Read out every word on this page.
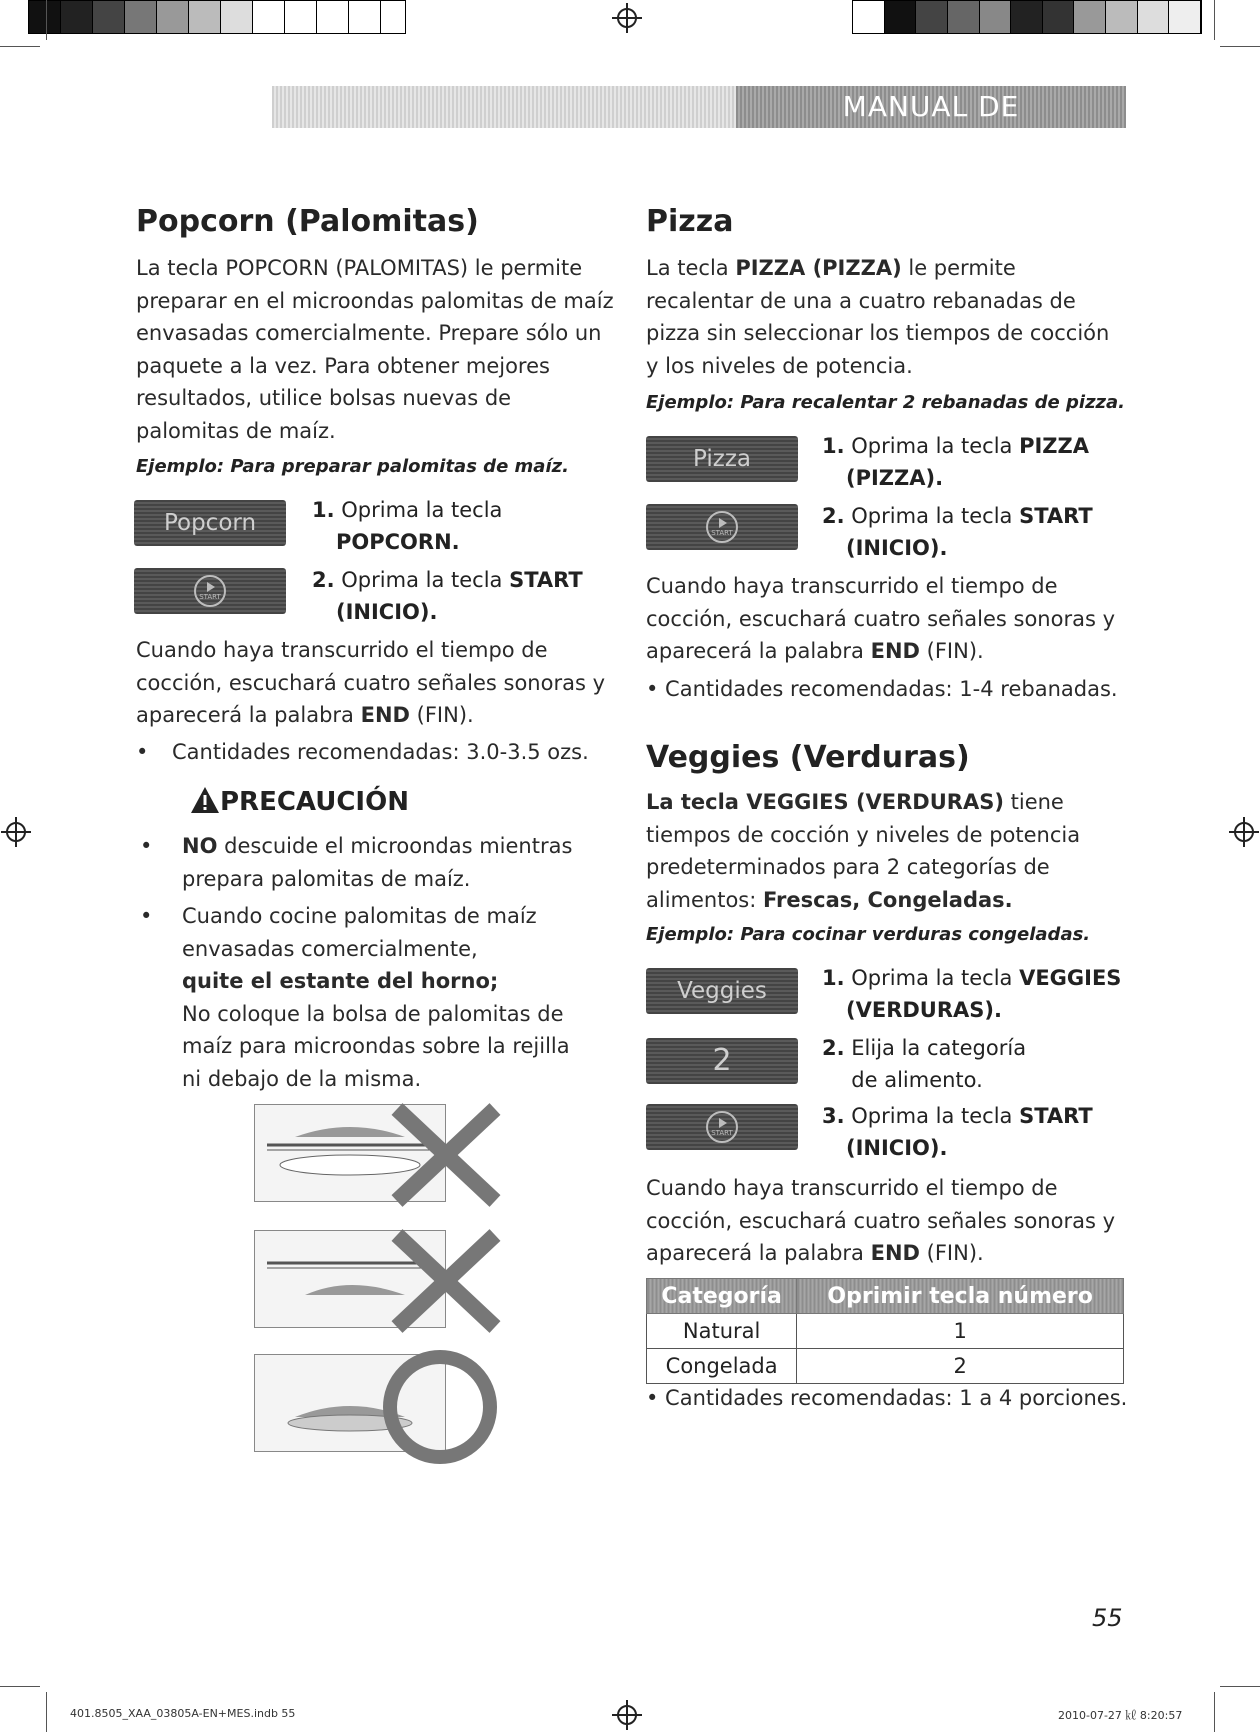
MANUAL DE INSTRUCCIONES
Popcorn (Palomitas)
La tecla POPCORN (PALOMITAS) le permite preparar en el microondas palomitas de maíz envasadas comercialmente. Prepare sólo un paquete a la vez. Para obtener mejores resultados, utilice bolsas nuevas de palomitas de maíz.
Ejemplo: Para preparar palomitas de maíz.
Popcorn	1. Oprima la tecla
POPCORN.
START
2. Oprima la tecla START
(INICIO).
Cuando haya transcurrido el tiempo de cocción, escuchará cuatro señales sonoras y aparecerá la palabra END (FIN).
• Cantidades recomendadas: 3.0-3.5 ozs.
PRECAUCIÓN
• NO descuide el microondas mientras prepara palomitas de maíz.
• Cuando cocine palomitas de maíz envasadas comercialmente,
quite el estante del horno;
No coloque la bolsa de palomitas de maíz para microondas sobre la rejilla ni debajo de la misma.
Pizza
La tecla PIZZA (PIZZA) le permite recalentar de una a cuatro rebanadas de pizza sin seleccionar los tiempos de cocción y los niveles de potencia.
Ejemplo: Para recalentar 2 rebanadas de pizza.
Pizza	1. Oprima la tecla PIZZA
(PIZZA).
START
2. Oprima la tecla START
(INICIO).
Cuando haya transcurrido el tiempo de cocción, escuchará cuatro señales sonoras y aparecerá la palabra END (FIN).
• Cantidades recomendadas: 1-4 rebanadas.
Veggies (Verduras)
La tecla VEGGIES (VERDURAS) tiene tiempos de cocción y niveles de potencia predeterminados para 2 categorías de alimentos: Frescas, Congeladas.
Ejemplo: Para cocinar verduras congeladas.
Veggies	1. Oprima la tecla VEGGIES
(VERDURAS).
2	2. Elija la categoría de alimento.
START
3. Oprima la tecla START
(INICIO).
Cuando haya transcurrido el tiempo de cocción, escuchará cuatro señales sonoras y aparecerá la palabra END (FIN).
Categoría	Oprimir tecla número
Natural	1
Congelada	2
• Cantidades recomendadas: 1 a 4 porciones.
55
401.8505_XAA_03805A-EN+MES.indb 55	2010-07-27 ㎘ 8:20:57
